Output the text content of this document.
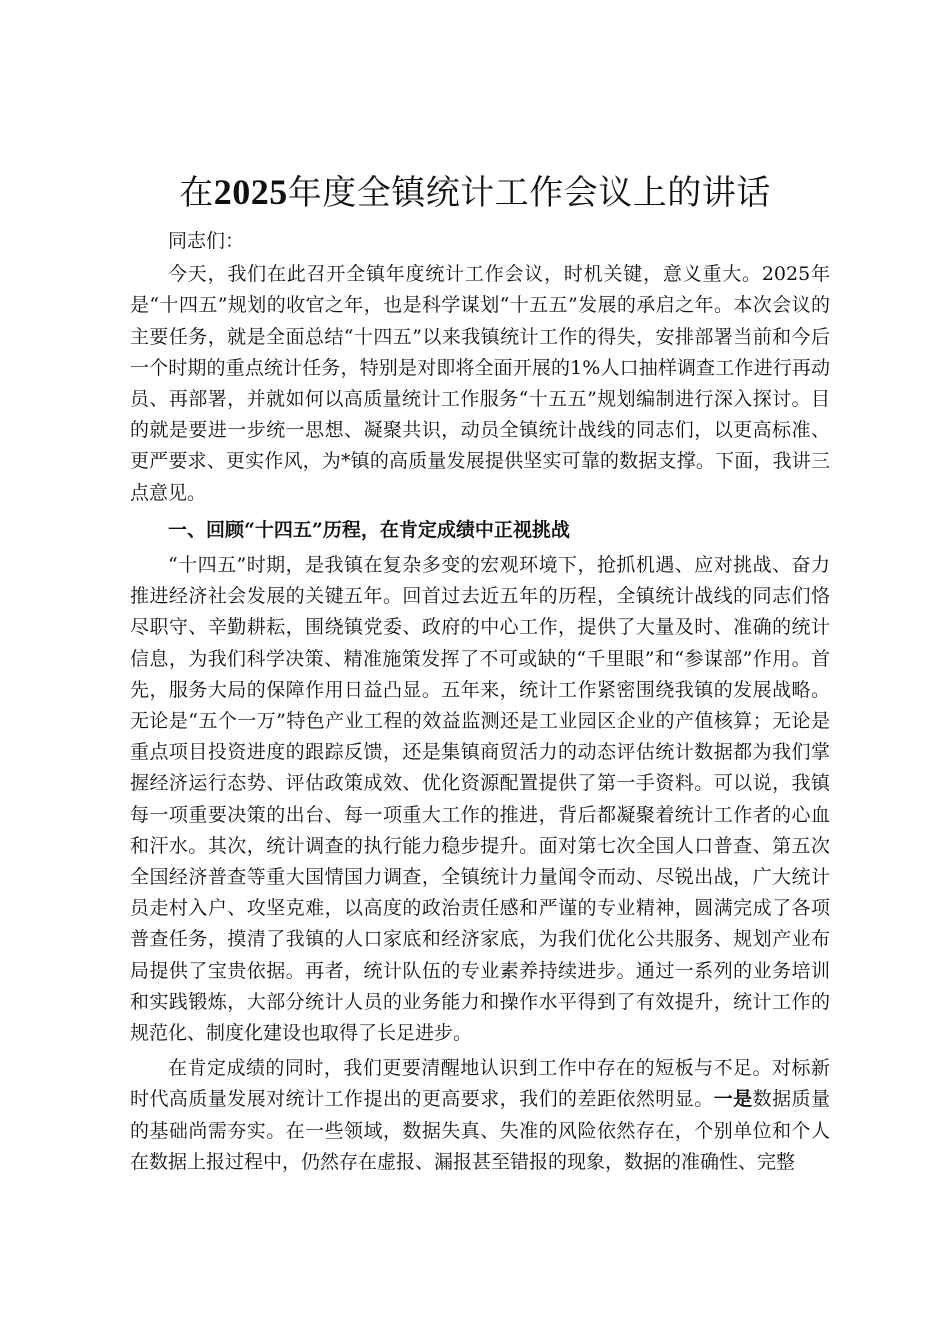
在2025年度全镇统计工作会议上的讲话

同志们：

今天，我们在此召开全镇年度统计工作会议，时机关键，意义重大。2025年是“十四五”规划的收官之年，也是科学谋划“十五五”发展的承启之年。本次会议的主要任务，就是全面总结“十四五”以来我镇统计工作的得失，安排部署当前和今后一个时期的重点统计任务，特别是对即将全面开展的1%人口抽样调查工作进行再动员、再部署，并就如何以高质量统计工作服务“十五五”规划编制进行深入探讨。目的就是要进一步统一思想、凝聚共识，动员全镇统计战线的同志们，以更高标准、更严要求、更实作风，为*镇的高质量发展提供坚实可靠的数据支撑。下面，我讲三点意见。

一、回顾“十四五”历程，在肯定成绩中正视挑战

“十四五”时期，是我镇在复杂多变的宏观环境下，抢抓机遇、应对挑战、奋力推进经济社会发展的关键五年。回首过去近五年的历程，全镇统计战线的同志们恪尽职守、辛勤耕耘，围绕镇党委、政府的中心工作，提供了大量及时、准确的统计信息，为我们科学决策、精准施策发挥了不可或缺的“千里眼”和“参谋部”作用。首先，服务大局的保障作用日益凸显。五年来，统计工作紧密围绕我镇的发展战略。无论是“五个一万”特色产业工程的效益监测还是工业园区企业的产值核算；无论是重点项目投资进度的跟踪反馈，还是集镇商贸活力的动态评估统计数据都为我们掌握经济运行态势、评估政策成效、优化资源配置提供了第一手资料。可以说，我镇每一项重要决策的出台、每一项重大工作的推进，背后都凝聚着统计工作者的心血和汗水。其次，统计调查的执行能力稳步提升。面对第七次全国人口普查、第五次全国经济普查等重大国情国力调查，全镇统计力量闻令而动、尽锐出战，广大统计员走村入户、攻坚克难，以高度的政治责任感和严谨的专业精神，圆满完成了各项普查任务，摸清了我镇的人口家底和经济家底，为我们优化公共服务、规划产业布局提供了宝贵依据。再者，统计队伍的专业素养持续进步。通过一系列的业务培训和实践锻炼，大部分统计人员的业务能力和操作水平得到了有效提升，统计工作的规范化、制度化建设也取得了长足进步。

在肯定成绩的同时，我们更要清醒地认识到工作中存在的短板与不足。对标新时代高质量发展对统计工作提出的更高要求，我们的差距依然明显。一是数据质量的基础尚需夯实。在一些领域，数据失真、失准的风险依然存在，个别单位和个人在数据上报过程中，仍然存在虚报、漏报甚至错报的现象，数据的准确性、完整
